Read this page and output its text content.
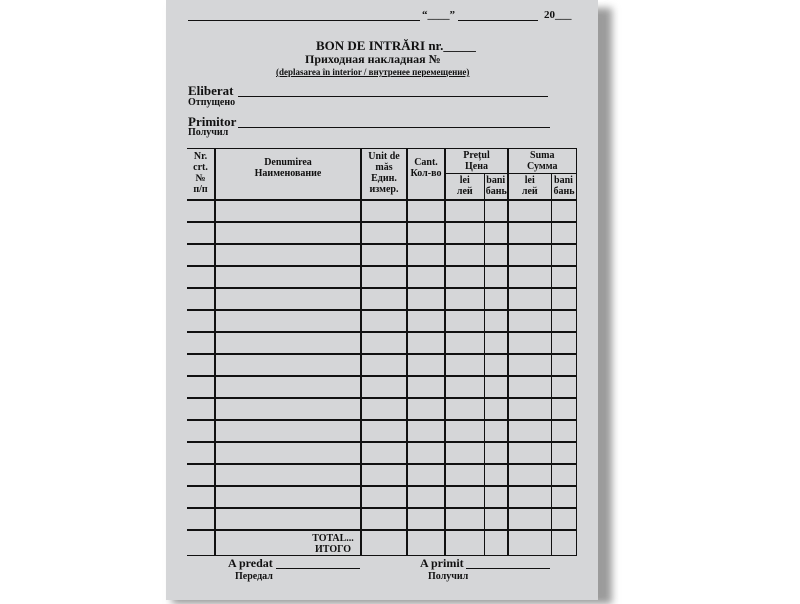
“____”	20___
BON DE INTRĂRI nr._____
Приходная накладная №
(deplasarea în interior / внутренее перемещение)
Eliberat
Отпущено
Primitor
Получил
Nr. crt. № п/п	Denumirea Наименование	Unit de măs Един. измер.	Cant. Кол-во	Prețul Цена		Suma Сумма	

				lei лей	bani бань	lei лей	bani бань

	TOTAL... ИТОГО						

A predat
Передал
A primit
Получил
